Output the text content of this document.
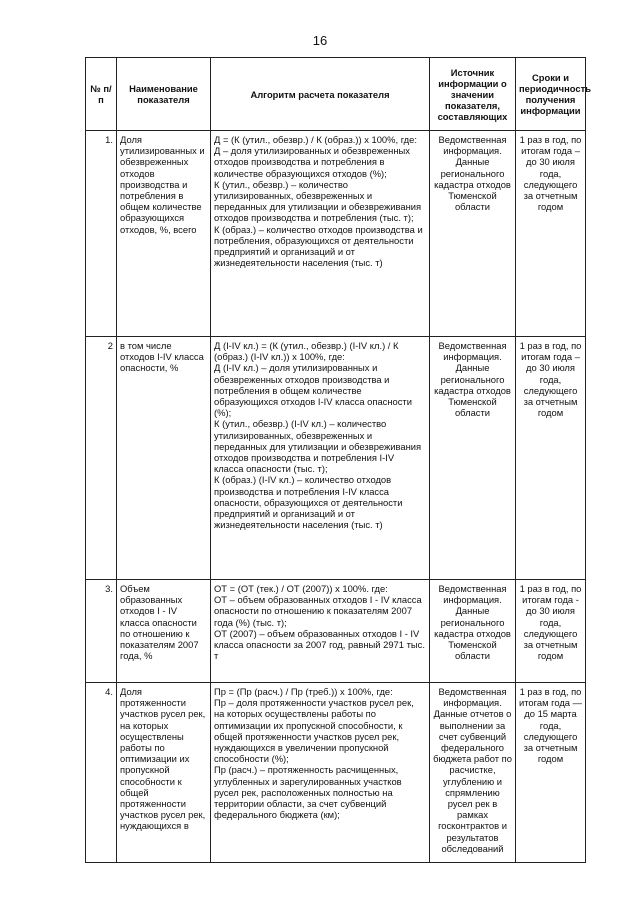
16
№ п/п	Наименование показателя	Алгоритм расчета показателя	Источник информации о значении показателя, составляющих	Сроки и периодичность получения информации
1.	Доля утилизированных и обезвреженных отходов производства и потребления в общем количестве образующихся отходов, %, всего	Д = (К (утил., обезвр.) / К (образ.)) х 100%, где:
Д – доля утилизированных и обезвреженных отходов производства и потребления в количестве образующихся отходов (%);
К (утил., обезвр.) – количество утилизированных, обезвреженных и переданных для утилизации и обезвреживания отходов производства и потребления (тыс. т);
К (образ.) – количество отходов производства и потребления, образующихся от деятельности предприятий и организаций и от жизнедеятельности населения (тыс. т)	Ведомственная информация. Данные регионального кадастра отходов Тюменской области	1 раз в год, по итогам года – до 30 июля года, следующего за отчетным годом
2	в том числе отходов I-IV класса опасности, %	Д (I-IV кл.) = (К (утил., обезвр.) (I-IV кл.) / К (образ.) (I-IV кл.)) х 100%, где:
Д (I-IV кл.) – доля утилизированных и обезвреженных отходов производства и потребления в общем количестве образующихся отходов I-IV класса опасности (%);
К (утил., обезвр.) (I-IV кл.) – количество утилизированных, обезвреженных и переданных для утилизации и обезвреживания отходов производства и потребления I-IV класса опасности (тыс. т);
К (образ.) (I-IV кл.) – количество отходов производства и потребления I-IV класса опасности, образующихся от деятельности предприятий и организаций и от жизнедеятельности населения (тыс. т)	Ведомственная информация. Данные регионального кадастра отходов Тюменской области	1 раз в год, по итогам года – до 30 июля года, следующего за отчетным годом
3.	Объем образованных отходов I - IV класса опасности по отношению к показателям 2007 года, %	ОТ = (ОТ (тек.) / ОТ (2007)) х 100%. где:
ОТ – объем образованных отходов I - IV класса опасности по отношению к показателям 2007 года (%) (тыс. т);
ОТ (2007) – объем образованных отходов I - IV класса опасности за 2007 год, равный 2971 тыс. т	Ведомственная информация. Данные регионального кадастра отходов Тюменской области	1 раз в год, по итогам года - до 30 июля года, следующего за отчетным годом
4.	Доля протяженности участков русел рек, на которых осуществлены работы по оптимизации их пропускной способности к общей протяженности участков русел рек, нуждающихся в	Пр = (Пр (расч.) / Пр (треб.)) х 100%, где:
Пр – доля протяженности участков русел рек, на которых осуществлены работы по оптимизации их пропускной способности, к общей протяженности участков русел рек, нуждающихся в увеличении пропускной способности (%);
Пр (расч.) – протяженность расчищенных, углубленных и зарегулированных участков русел рек, расположенных полностью на территории области, за счет субвенций федерального бюджета (км);	Ведомственная информация. Данные отчетов о выполнении за счет субвенций федерального бюджета работ по расчистке, углублению и спрямлению русел рек в рамках госконтрактов и результатов обследований	1 раз в год, по итогам года — до 15 марта года, следующего за отчетным годом
